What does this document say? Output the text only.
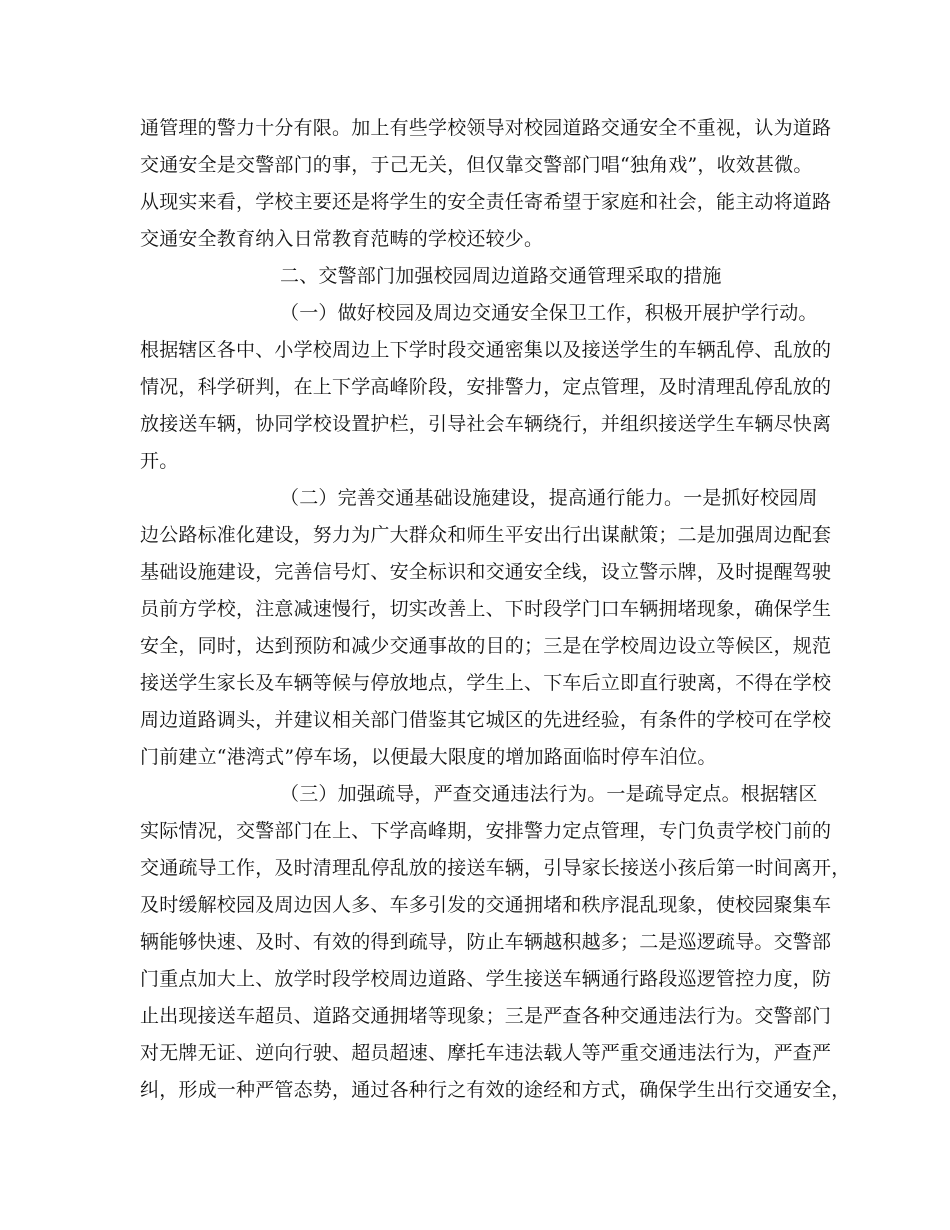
通管理的警力十分有限。加上有些学校领导对校园道路交通安全不重视，认为道路
交通安全是交警部门的事，于己无关，但仅靠交警部门唱“独角戏”，收效甚微。
从现实来看，学校主要还是将学生的安全责任寄希望于家庭和社会，能主动将道路
交通安全教育纳入日常教育范畴的学校还较少。
二、交警部门加强校园周边道路交通管理采取的措施
（一）做好校园及周边交通安全保卫工作，积极开展护学行动。
根据辖区各中、小学校周边上下学时段交通密集以及接送学生的车辆乱停、乱放的
情况，科学研判，在上下学高峰阶段，安排警力，定点管理，及时清理乱停乱放的
放接送车辆，协同学校设置护栏，引导社会车辆绕行，并组织接送学生车辆尽快离
开。
（二）完善交通基础设施建设，提高通行能力。一是抓好校园周
边公路标准化建设，努力为广大群众和师生平安出行出谋献策；二是加强周边配套
基础设施建设，完善信号灯、安全标识和交通安全线，设立警示牌，及时提醒驾驶
员前方学校，注意减速慢行，切实改善上、下时段学门口车辆拥堵现象，确保学生
安全，同时，达到预防和减少交通事故的目的；三是在学校周边设立等候区，规范
接送学生家长及车辆等候与停放地点，学生上、下车后立即直行驶离，不得在学校
周边道路调头，并建议相关部门借鉴其它城区的先进经验，有条件的学校可在学校
门前建立“港湾式”停车场，以便最大限度的增加路面临时停车泊位。
（三）加强疏导，严查交通违法行为。一是疏导定点。根据辖区
实际情况，交警部门在上、下学高峰期，安排警力定点管理，专门负责学校门前的
交通疏导工作，及时清理乱停乱放的接送车辆，引导家长接送小孩后第一时间离开，
及时缓解校园及周边因人多、车多引发的交通拥堵和秩序混乱现象，使校园聚集车
辆能够快速、及时、有效的得到疏导，防止车辆越积越多；二是巡逻疏导。交警部
门重点加大上、放学时段学校周边道路、学生接送车辆通行路段巡逻管控力度，防
止出现接送车超员、道路交通拥堵等现象；三是严查各种交通违法行为。交警部门
对无牌无证、逆向行驶、超员超速、摩托车违法载人等严重交通违法行为，严查严
纠，形成一种严管态势，通过各种行之有效的途经和方式，确保学生出行交通安全，
